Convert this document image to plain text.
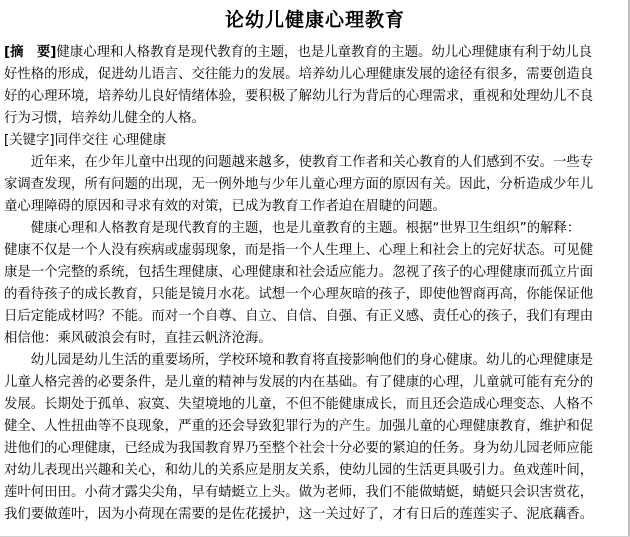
论幼儿健康心理教育

[摘　要]健康心理和人格教育是现代教育的主题，也是儿童教育的主题。幼儿心理健康有利于幼儿良
好性格的形成，促进幼儿语言、交往能力的发展。培养幼儿心理健康发展的途径有很多，需要创造良
好的心理环境，培养幼儿良好情绪体验，要积极了解幼儿行为背后的心理需求，重视和处理幼儿不良
行为习惯，培养幼儿健全的人格。

[关键字]同伴交往 心理健康

近年来，在少年儿童中出现的问题越来越多，使教育工作者和关心教育的人们感到不安。一些专
家调查发现，所有问题的出现，无一例外地与少年儿童心理方面的原因有关。因此，分析造成少年儿
童心理障碍的原因和寻求有效的对策，已成为教育工作者迫在眉睫的问题。

健康心理和人格教育是现代教育的主题，也是儿童教育的主题。根据“世界卫生组织”的解释：
健康不仅是一个人没有疾病或虚弱现象，而是指一个人生理上、心理上和社会上的完好状态。可见健
康是一个完整的系统，包括生理健康、心理健康和社会适应能力。忽视了孩子的心理健康而孤立片面
的看待孩子的成长教育，只能是镜月水花。试想一个心理灰暗的孩子，即使他智商再高，你能保证他
日后定能成材吗？不能。而对一个自尊、自立、自信、自强、有正义感、责任心的孩子，我们有理由
相信他：乘风破浪会有时，直挂云帆济沧海。

幼儿园是幼儿生活的重要场所，学校环境和教育将直接影响他们的身心健康。幼儿的心理健康是
儿童人格完善的必要条件，是儿童的精神与发展的内在基础。有了健康的心理，儿童就可能有充分的
发展。长期处于孤单、寂寞、失望境地的儿童，不但不能健康成长，而且还会造成心理变态、人格不
健全、人性扭曲等不良现象，严重的还会导致犯罪行为的产生。加强儿童的心理健康教育，维护和促
进他们的心理健康，已经成为我国教育界乃至整个社会十分必要的紧迫的任务。身为幼儿园老师应能
对幼儿表现出兴趣和关心，和幼儿的关系应是朋友关系，使幼儿园的生活更具吸引力。鱼戏莲叶间，
莲叶何田田。小荷才露尖尖角，早有蜻蜓立上头。做为老师，我们不能做蜻蜓，蜻蜓只会识害赏花，
我们要做莲叶，因为小荷现在需要的是佐花援护，这一关过好了，才有日后的莲莲实子、泥底藕香。
